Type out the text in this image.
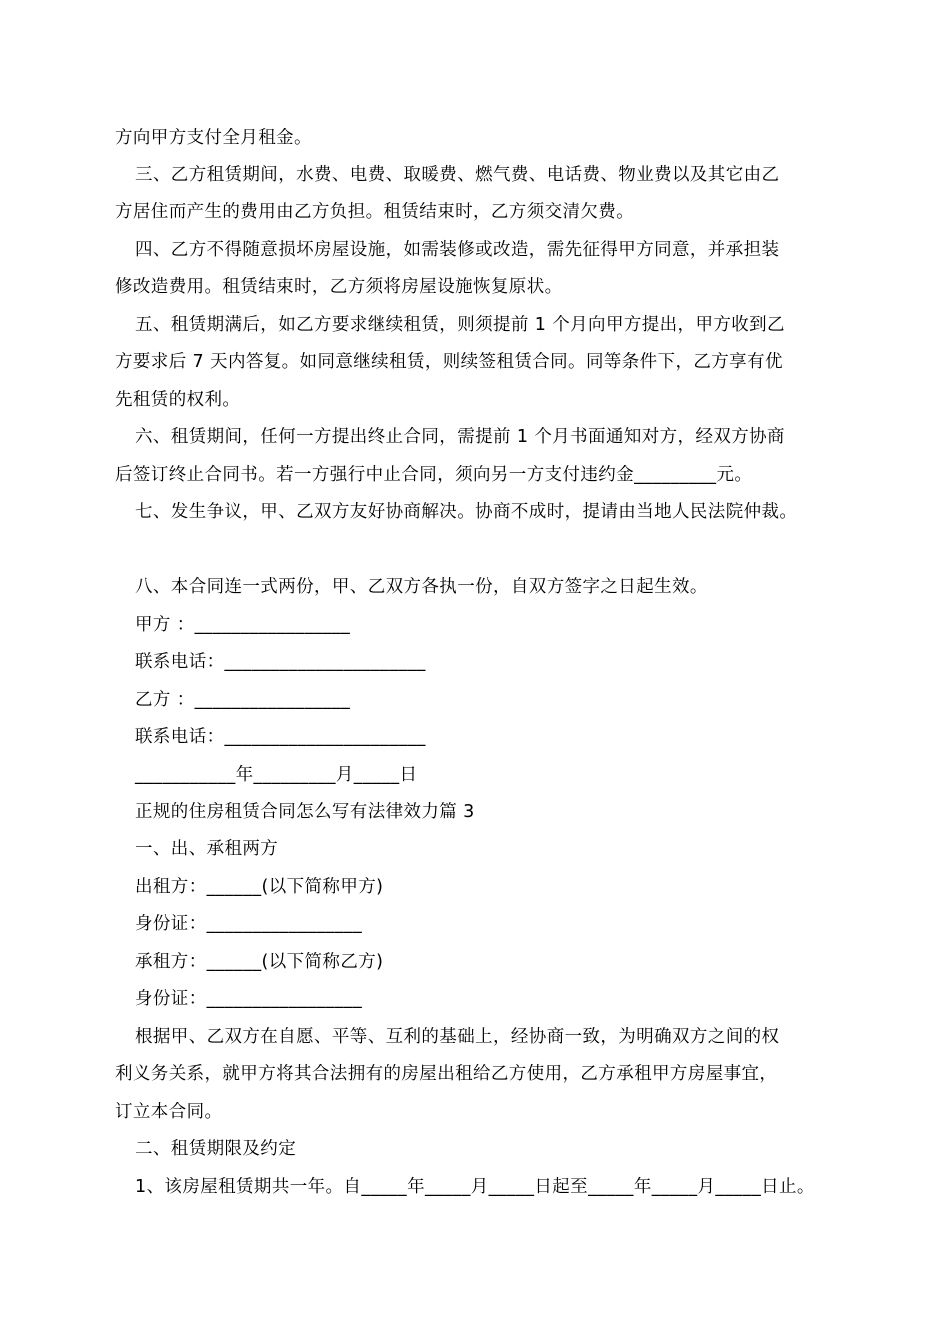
方向甲方支付全月租金。
三、乙方租赁期间，水费、电费、取暖费、燃气费、电话费、物业费以及其它由乙
方居住而产生的费用由乙方负担。租赁结束时，乙方须交清欠费。
四、乙方不得随意损坏房屋设施，如需装修或改造，需先征得甲方同意，并承担装
修改造费用。租赁结束时，乙方须将房屋设施恢复原状。
五、租赁期满后，如乙方要求继续租赁，则须提前 1 个月向甲方提出，甲方收到乙
方要求后 7 天内答复。如同意继续租赁，则续签租赁合同。同等条件下，乙方享有优
先租赁的权利。
六、租赁期间，任何一方提出终止合同，需提前 1 个月书面通知对方，经双方协商
后签订终止合同书。若一方强行中止合同，须向另一方支付违约金_________元。
七、发生争议，甲、乙双方友好协商解决。协商不成时，提请由当地人民法院仲裁。
八、本合同连一式两份，甲、乙双方各执一份，自双方签字之日起生效。
甲方 ：_________________
联系电话：______________________
乙方 ：_________________
联系电话：______________________
___________年_________月_____日
正规的住房租赁合同怎么写有法律效力篇 3
一、出、承租两方
出租方：______(以下简称甲方)
身份证：_________________
承租方：______(以下简称乙方)
身份证：_________________
根据甲、乙双方在自愿、平等、互利的基础上，经协商一致，为明确双方之间的权
利义务关系，就甲方将其合法拥有的房屋出租给乙方使用，乙方承租甲方房屋事宜，
订立本合同。
二、租赁期限及约定
1、该房屋租赁期共一年。自_____年_____月_____日起至_____年_____月_____日止。
